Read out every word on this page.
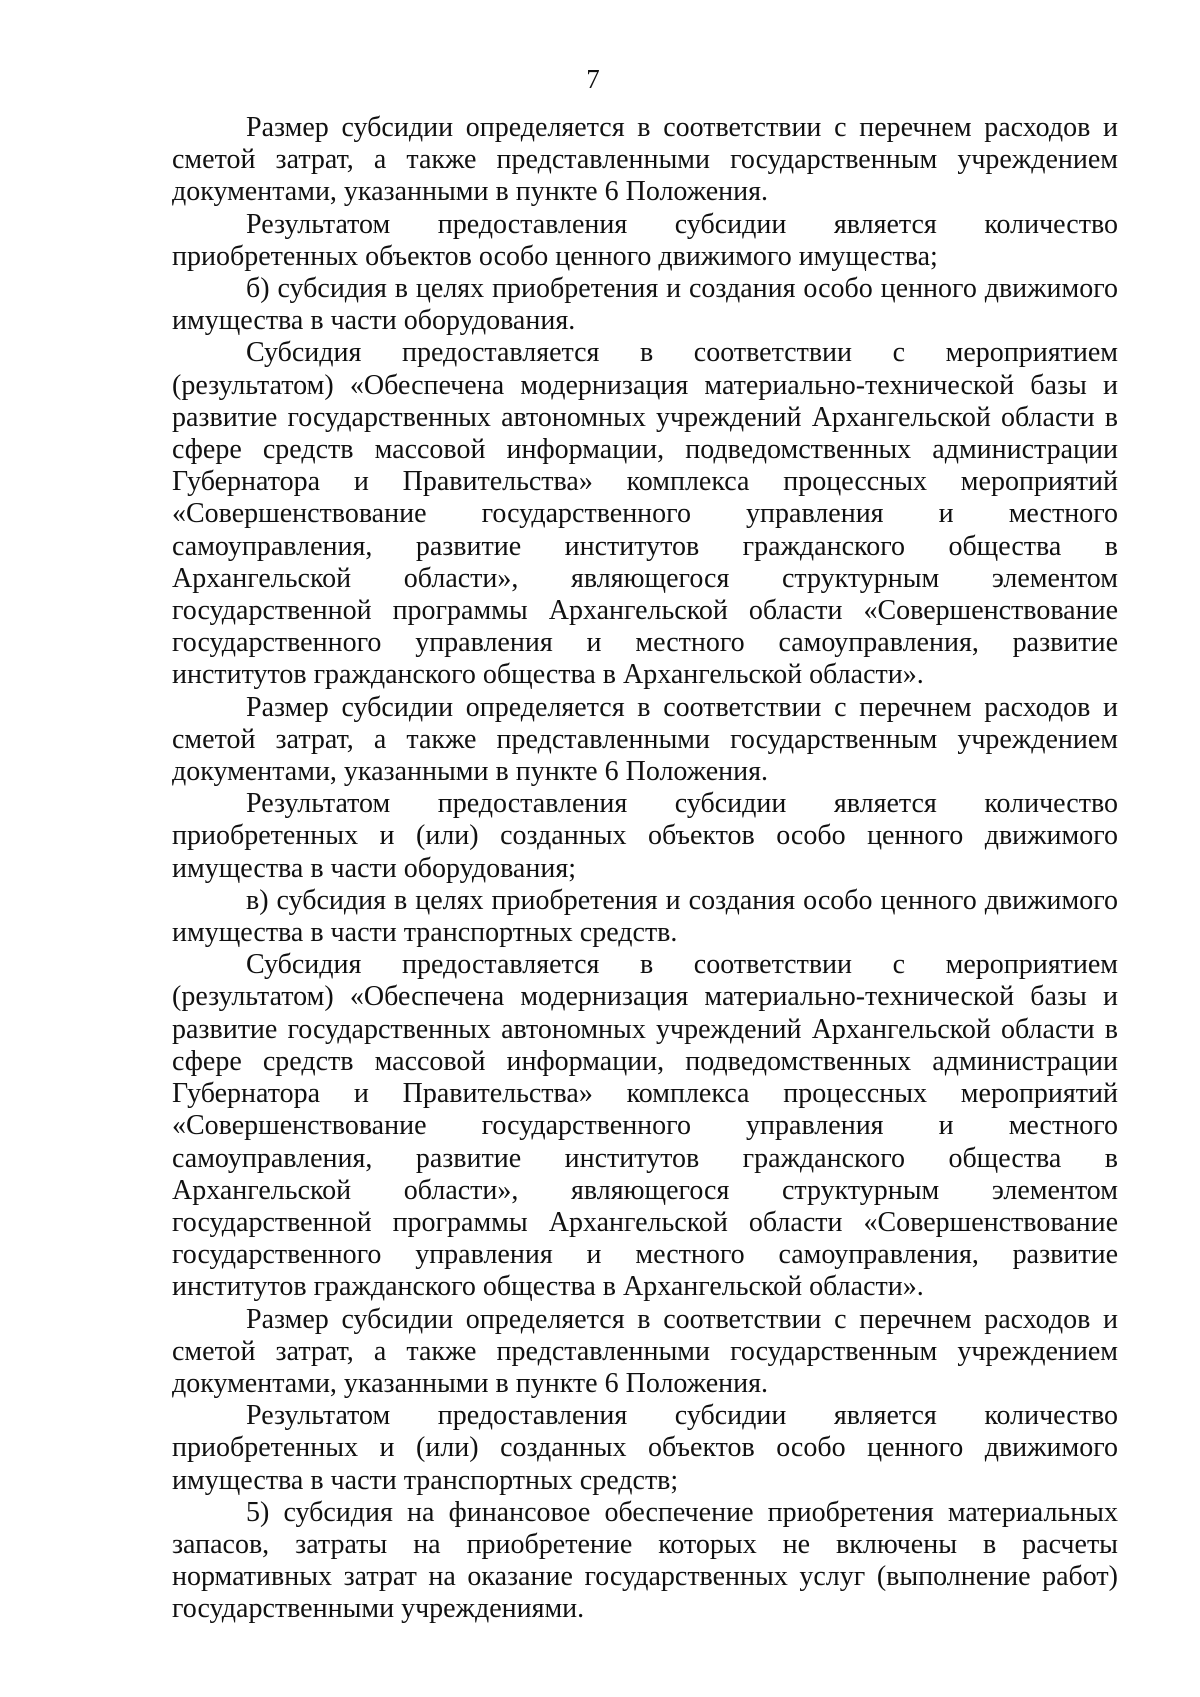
7

Размер субсидии определяется в соответствии с перечнем расходов и сметой затрат, а также представленными государственным учреждением документами, указанными в пункте 6 Положения.

Результатом предоставления субсидии является количество приобретенных объектов особо ценного движимого имущества;

б) субсидия в целях приобретения и создания особо ценного движимого имущества в части оборудования.

Субсидия предоставляется в соответствии с мероприятием (результатом) «Обеспечена модернизация материально-технической базы и развитие государственных автономных учреждений Архангельской области в сфере средств массовой информации, подведомственных администрации Губернатора и Правительства» комплекса процессных мероприятий «Совершенствование государственного управления и местного самоуправления, развитие институтов гражданского общества в Архангельской области», являющегося структурным элементом государственной программы Архангельской области «Совершенствование государственного управления и местного самоуправления, развитие институтов гражданского общества в Архангельской области».

Размер субсидии определяется в соответствии с перечнем расходов и сметой затрат, а также представленными государственным учреждением документами, указанными в пункте 6 Положения.

Результатом предоставления субсидии является количество приобретенных и (или) созданных объектов особо ценного движимого имущества в части оборудования;

в) субсидия в целях приобретения и создания особо ценного движимого имущества в части транспортных средств.

Субсидия предоставляется в соответствии с мероприятием (результатом) «Обеспечена модернизация материально-технической базы и развитие государственных автономных учреждений Архангельской области в сфере средств массовой информации, подведомственных администрации Губернатора и Правительства» комплекса процессных мероприятий «Совершенствование государственного управления и местного самоуправления, развитие институтов гражданского общества в Архангельской области», являющегося структурным элементом государственной программы Архангельской области «Совершенствование государственного управления и местного самоуправления, развитие институтов гражданского общества в Архангельской области».

Размер субсидии определяется в соответствии с перечнем расходов и сметой затрат, а также представленными государственным учреждением документами, указанными в пункте 6 Положения.

Результатом предоставления субсидии является количество приобретенных и (или) созданных объектов особо ценного движимого имущества в части транспортных средств;

5) субсидия на финансовое обеспечение приобретения материальных запасов, затраты на приобретение которых не включены в расчеты нормативных затрат на оказание государственных услуг (выполнение работ) государственными учреждениями.
